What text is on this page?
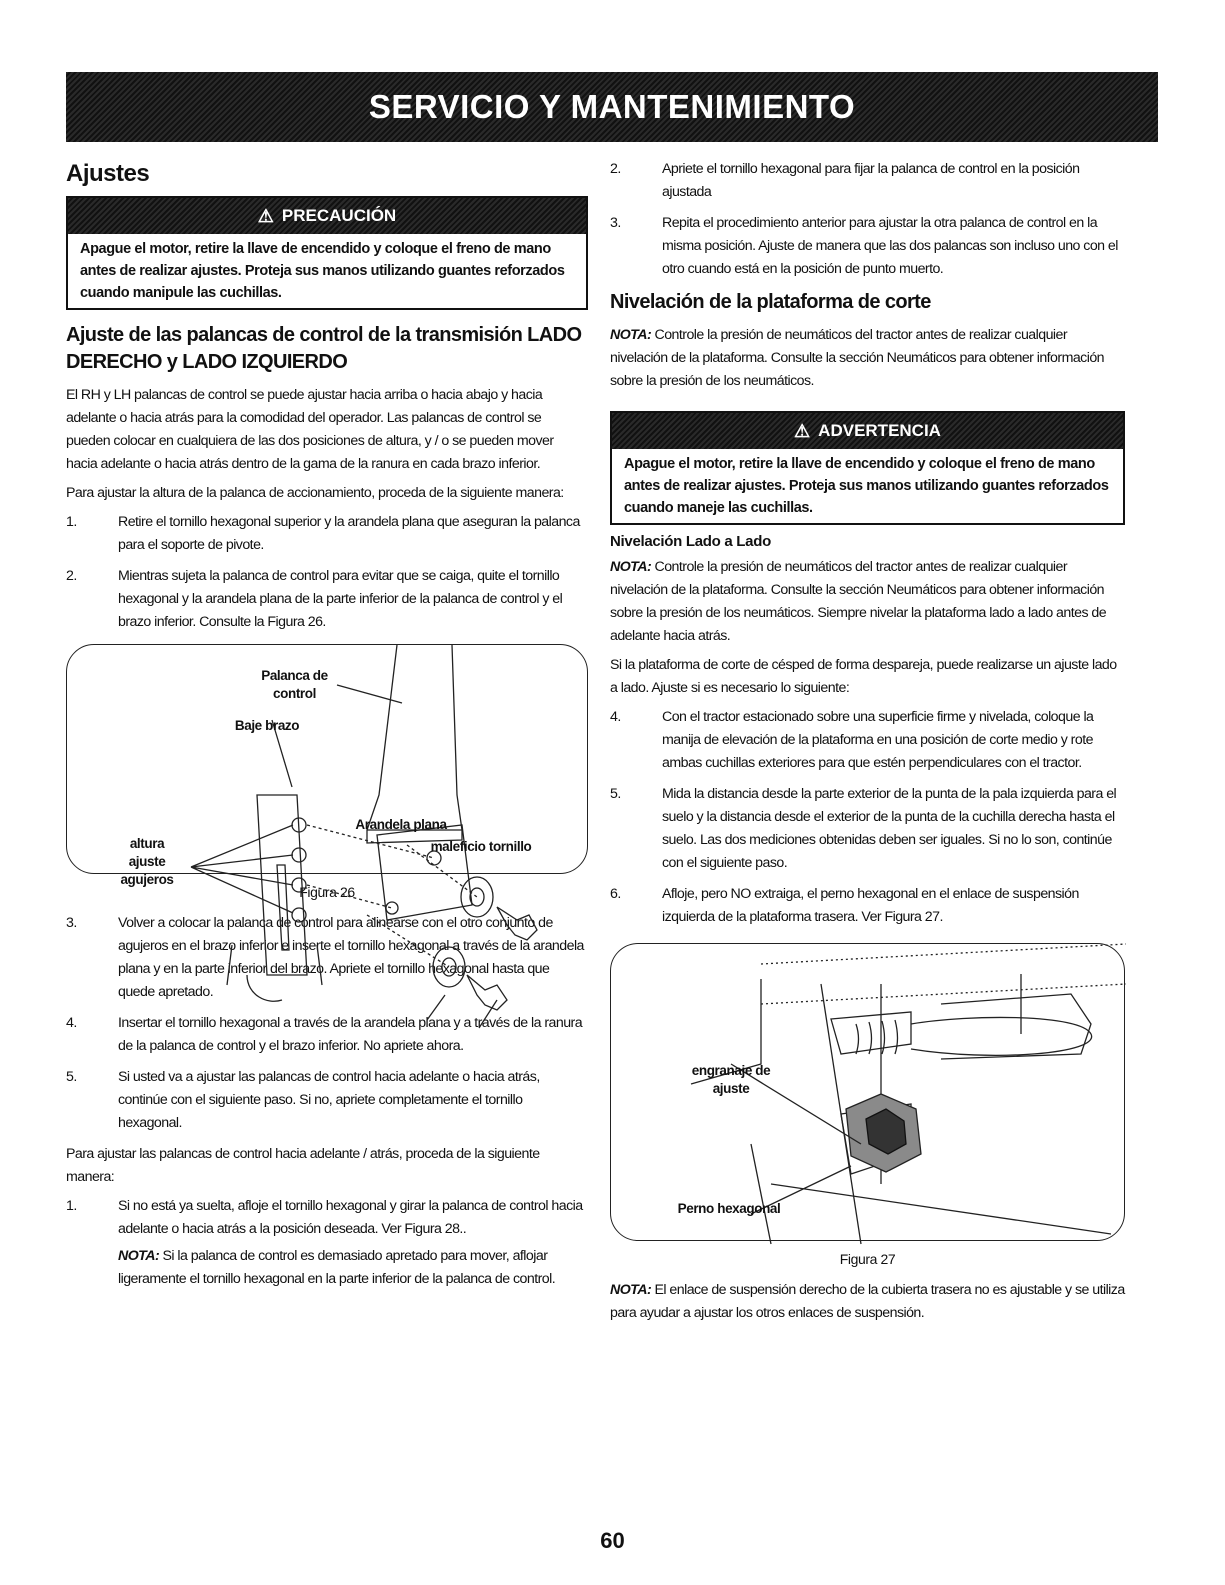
SERVICIO Y MANTENIMIENTO
Ajustes
⚠ PRECAUCIÓN
Apague el motor, retire la llave de encendido y coloque el freno de mano antes de realizar ajustes. Proteja sus manos utilizando guantes reforzados cuando manipule las cuchillas.
Ajuste de las palancas de control de la transmisión LADO DERECHO y LADO IZQUIERDO

El RH y LH palancas de control se puede ajustar hacia arriba o hacia abajo y hacia adelante o hacia atrás para la comodidad del operador. Las palancas de control se pueden colocar en cualquiera de las dos posiciones de altura, y / o se pueden mover hacia adelante o hacia atrás dentro de la gama de la ranura en cada brazo inferior.

Para ajustar la altura de la palanca de accionamiento, proceda de la siguiente manera:

1.	Retire el tornillo hexagonal superior y la arandela plana que aseguran la palanca para el soporte de pivote.
2.	Mientras sujeta la palanca de control para evitar que se caiga, quite el tornillo hexagonal y la arandela plana de la parte inferior de la palanca de control y el brazo inferior. Consulte la Figura 26.
Palanca de control
Baje brazo
altura
ajuste
agujeros
Arandela plana
maleficio tornillo
Figura 26
3.	Volver a colocar la palanca de control para alinearse con el otro conjunto de agujeros en el brazo inferior e inserte el tornillo hexagonal a través de la arandela plana y en la parte inferior del brazo. Apriete el tornillo hexagonal hasta que quede apretado.
4.	Insertar el tornillo hexagonal a través de la arandela plana y a través de la ranura de la palanca de control y el brazo inferior. No apriete ahora.
5.	Si usted va a ajustar las palancas de control hacia adelante o hacia atrás, continúe con el siguiente paso. Si no, apriete completamente el tornillo hexagonal.

Para ajustar las palancas de control hacia adelante / atrás, proceda de la siguiente manera:

1.	Si no está ya suelta, afloje el tornillo hexagonal y girar la palanca de control hacia adelante o hacia atrás a la posición deseada. Ver Figura 28..

NOTA: Si la palanca de control es demasiado apretado para mover, aflojar ligeramente el tornillo hexagonal en la parte inferior de la palanca de control.

2.	Apriete el tornillo hexagonal para fijar la palanca de control en la posición ajustada
3.	Repita el procedimiento anterior para ajustar la otra palanca de control en la misma posición. Ajuste de manera que las dos palancas son incluso uno con el otro cuando está en la posición de punto muerto.
Nivelación de la plataforma de corte

NOTA: Controle la presión de neumáticos del tractor antes de realizar cualquier nivelación de la plataforma. Consulte la sección Neumáticos para obtener información sobre la presión de los neumáticos.

⚠ ADVERTENCIA
Apague el motor, retire la llave de encendido y coloque el freno de mano antes de realizar ajustes. Proteja sus manos utilizando guantes reforzados cuando maneje las cuchillas.
Nivelación Lado a Lado

NOTA: Controle la presión de neumáticos del tractor antes de realizar cualquier nivelación de la plataforma. Consulte la sección Neumáticos para obtener información sobre la presión de los neumáticos. Siempre nivelar la plataforma lado a lado antes de adelante hacia atrás.

Si la plataforma de corte de césped de forma despareja, puede realizarse un ajuste lado a lado. Ajuste si es necesario lo siguiente:

4.	Con el tractor estacionado sobre una superficie firme y nivelada, coloque la manija de elevación de la plataforma en una posición de corte medio y rote ambas cuchillas exteriores para que estén perpendiculares con el tractor.
5.	Mida la distancia desde la parte exterior de la punta de la pala izquierda para el suelo y la distancia desde el exterior de la punta de la cuchilla derecha hasta el suelo. Las dos mediciones obtenidas deben ser iguales. Si no lo son, continúe con el siguiente paso.
6.	Afloje, pero NO extraiga, el perno hexagonal en el enlace de suspensión izquierda de la plataforma trasera. Ver Figura 27.
engranaje de
ajuste
Perno hexagonal
Figura 27

NOTA: El enlace de suspensión derecho de la cubierta trasera no es ajustable y se utiliza para ayudar a ajustar los otros enlaces de suspensión.

60
